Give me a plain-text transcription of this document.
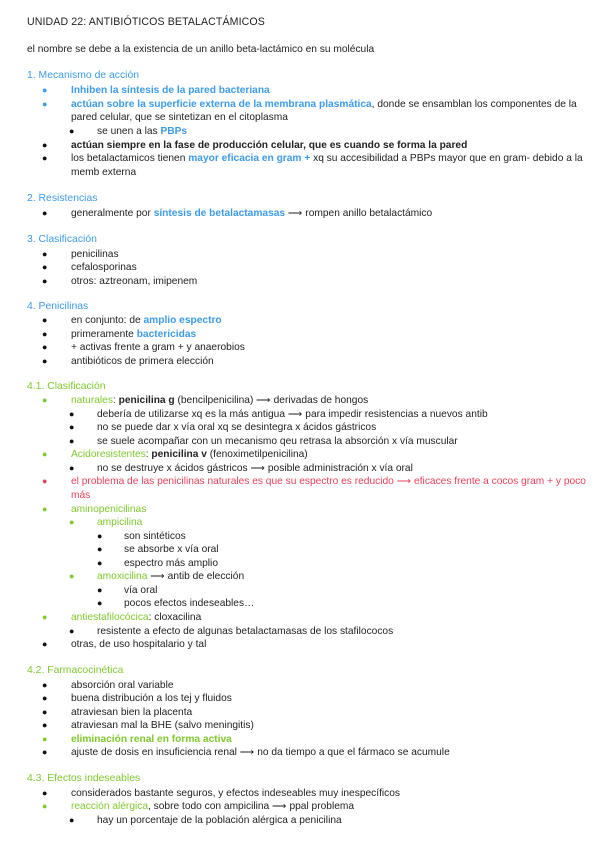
UNIDAD 22: ANTIBIÓTICOS BETALACTÁMICOS
el nombre se debe a la existencia de un anillo beta-lactámico en su molécula
1. Mecanismo de acción
● Inhiben la síntesis de la pared bacteriana
● actúan sobre la superficie externa de la membrana plasmática, donde se ensamblan los componentes de la
pared celular, que se sintetizan en el citoplasma
● se unen a las PBPs
● actúan siempre en la fase de producción celular, que es cuando se forma la pared
● los betalactamicos tienen mayor eficacia en gram + xq su accesibilidad a PBPs mayor que en gram- debido a la
memb externa
2. Resistencias
● generalmente por síntesis de betalactamasas ⟶ rompen anillo betalactámico
3. Clasificación
● penicilinas
● cefalosporinas
● otros: aztreonam, imipenem
4. Penicilinas
● en conjunto: de amplio espectro
● primeramente bactericidas
● + activas frente a gram + y anaerobios
● antibióticos de primera elección
4.1. Clasificación
● naturales: penicilina g (bencilpenicilina) ⟶ derivadas de hongos
● debería de utilizarse xq es la más antigua ⟶ para impedir resistencias a nuevos antib
● no se puede dar x vía oral xq se desintegra x ácidos gástricos
● se suele acompañar con un mecanismo qeu retrasa la absorción x vía muscular
● Acidoresistentes: penicilina v (fenoximetilpenicilina)
● no se destruye x ácidos gástricos ⟶ posible administración x vía oral
● el problema de las penicilinas naturales es que su espectro es reducido ⟶ eficaces frente a cocos gram + y poco
más
● aminopenicilinas
● ampicilina
● son sintéticos
● se absorbe x vía oral
● espectro más amplio
● amoxicilina ⟶ antib de elección
● vía oral
● pocos efectos indeseables…
● antiestafilocócica: cloxacilina
● resistente a efecto de algunas betalactamasas de los stafilococos
● otras, de uso hospitalario y tal
4.2. Farmacocinética
● absorción oral variable
● buena distribución a los tej y fluidos
● atraviesan bien la placenta
● atraviesan mal la BHE (salvo meningitis)
● eliminación renal en forma activa
● ajuste de dosis en insuficiencia renal ⟶ no da tiempo a que el fármaco se acumule
4.3. Efectos indeseables
● considerados bastante seguros, y efectos indeseables muy inespecíficos
● reacción alérgica, sobre todo con ampicilina ⟶ ppal problema
● hay un porcentaje de la población alérgica a penicilina
